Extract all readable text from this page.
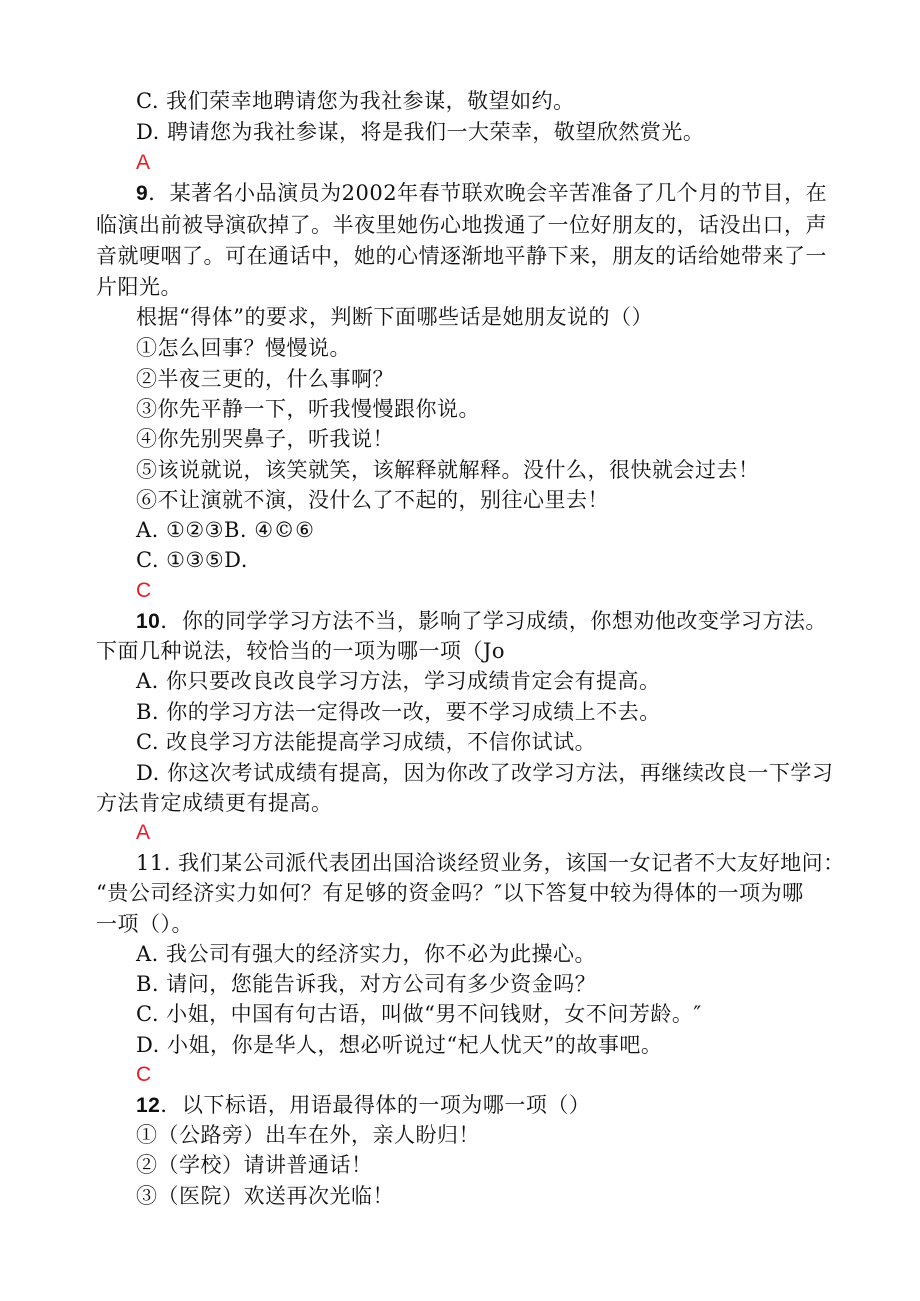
C. 我们荣幸地聘请您为我社参谋，敬望如约。
D. 聘请您为我社参谋，将是我们一大荣幸，敬望欣然赏光。
A
9．某著名小品演员为2002年春节联欢晚会辛苦准备了几个月的节目，在
临演出前被导演砍掉了。半夜里她伤心地拨通了一位好朋友的，话没出口，声
音就哽咽了。可在通话中，她的心情逐渐地平静下来，朋友的话给她带来了一
片阳光。
根据“得体”的要求，判断下面哪些话是她朋友说的（）
①怎么回事？慢慢说。
②半夜三更的，什么事啊？
③你先平静一下，听我慢慢跟你说。
④你先别哭鼻子，听我说！
⑤该说就说，该笑就笑，该解释就解释。没什么，很快就会过去！
⑥不让演就不演，没什么了不起的，别往心里去！
A. ①②③B. ④©⑥
C. ①③⑤D.
C
10．你的同学学习方法不当，影响了学习成绩，你想劝他改变学习方法。
下面几种说法，较恰当的一项为哪一项（Jo
A. 你只要改良改良学习方法，学习成绩肯定会有提高。
B. 你的学习方法一定得改一改，要不学习成绩上不去。
C. 改良学习方法能提高学习成绩，不信你试试。
D. 你这次考试成绩有提高，因为你改了改学习方法，再继续改良一下学习
方法肯定成绩更有提高。
A
11. 我们某公司派代表团出国洽谈经贸业务，该国一女记者不大友好地问：
“贵公司经济实力如何？有足够的资金吗？″以下答复中较为得体的一项为哪
一项（）。
A. 我公司有强大的经济实力，你不必为此操心。
B. 请问，您能告诉我，对方公司有多少资金吗？
C. 小姐，中国有句古语，叫做“男不问钱财，女不问芳龄。″
D. 小姐，你是华人，想必听说过“杞人忧天”的故事吧。
C
12．以下标语，用语最得体的一项为哪一项（）
①（公路旁）出车在外，亲人盼归！
②（学校）请讲普通话！
③（医院）欢送再次光临！
